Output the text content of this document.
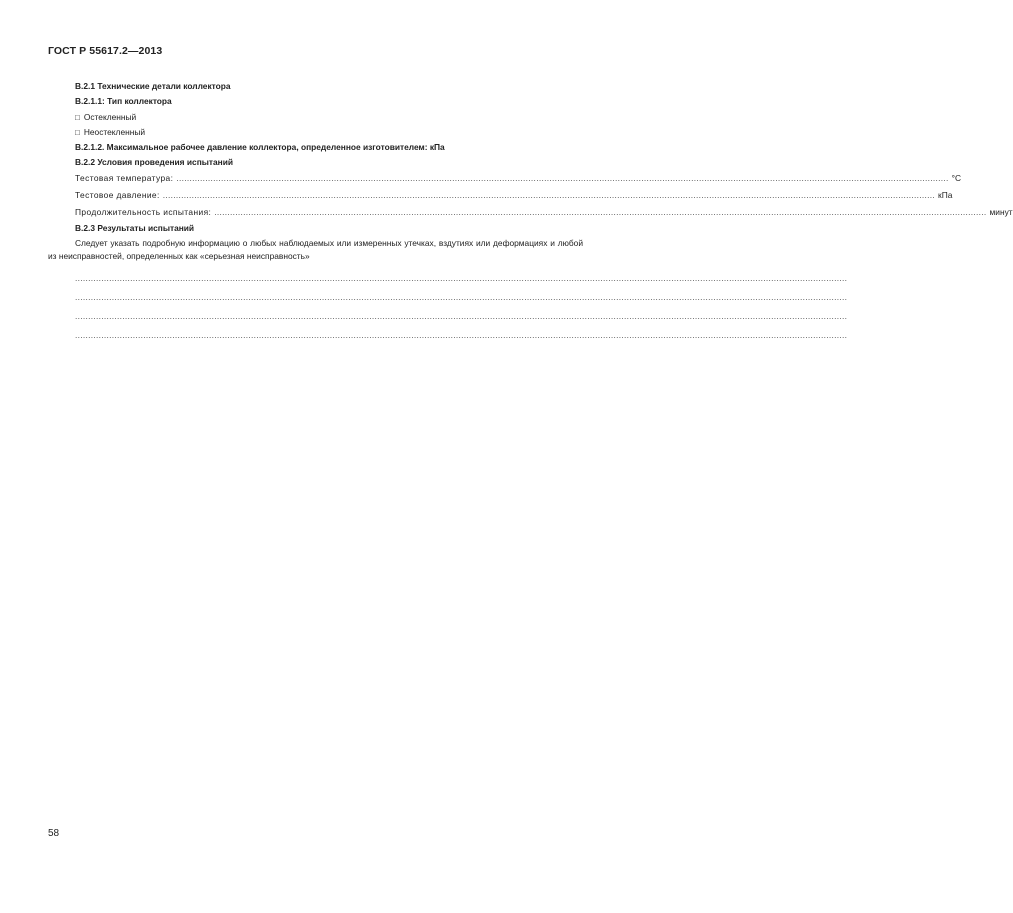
ГОСТ Р 55617.2—2013
В.2.1 Технические детали коллектора
В.2.1.1: Тип коллектора
□ Остекленный
□ Неостекленный
В.2.1.2. Максимальное рабочее давление коллектора, определенное изготовителем: кПа
В.2.2 Условия проведения испытаний
Тестовая температура: ...................................................................................................................................................................................................................................................................................................... °С
Тестовое давление: ...................................................................................................................................................................................................................................................................................................... кПа
Продолжительность испытания: ...................................................................................................................................................................................................................................................................................................... минут
В.2.3 Результаты испытаний

Следует указать подробную информацию о любых наблюдаемых или измеренных утечках, вздутиях или деформациях и любой из неисправностей, определенных как «серьезная неисправность»

......................................................................................................................................................................................................................................................................................................
......................................................................................................................................................................................................................................................................................................
......................................................................................................................................................................................................................................................................................................
......................................................................................................................................................................................................................................................................................................
58
